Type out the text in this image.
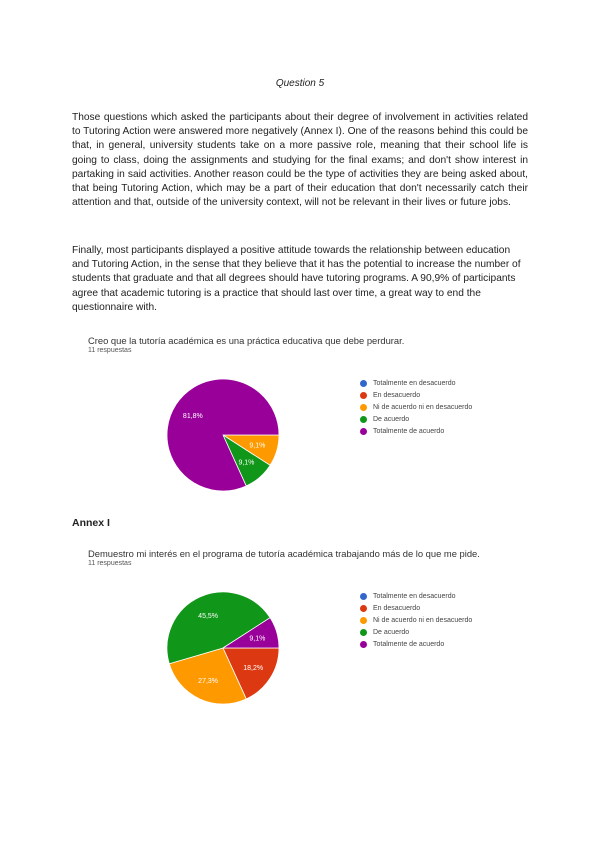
Question 5

Those questions which asked the participants about their degree of involvement in activities related to Tutoring Action were answered more negatively (Annex I). One of the reasons behind this could be that, in general, university students take on a more passive role, meaning that their school life is going to class, doing the assignments and studying for the final exams; and don't show interest in partaking in said activities. Another reason could be the type of activities they are being asked about, that being Tutoring Action, which may be a part of their education that don't necessarily catch their attention and that, outside of the university context, will not be relevant in their lives or future jobs.

Finally, most participants displayed a positive attitude towards the relationship between education and Tutoring Action, in the sense that they believe that it has the potential to increase the number of students that graduate and that all degrees should have tutoring programs. A 90,9% of participants agree that academic tutoring is a practice that should last over time, a great way to end the questionnaire with.

Creo que la tutoría académica es una práctica educativa que debe perdurar.
11 respuestas
9,1%
9,1%
81,8%
Totalmente en desacuerdo
En desacuerdo
Ni de acuerdo ni en desacuerdo
De acuerdo
Totalmente de acuerdo
Annex I
Demuestro mi interés en el programa de tutoría académica trabajando más de lo que me pide.
11 respuestas
18,2%
27,3%
45,5%
9,1%
Totalmente en desacuerdo
En desacuerdo
Ni de acuerdo ni en desacuerdo
De acuerdo
Totalmente de acuerdo
